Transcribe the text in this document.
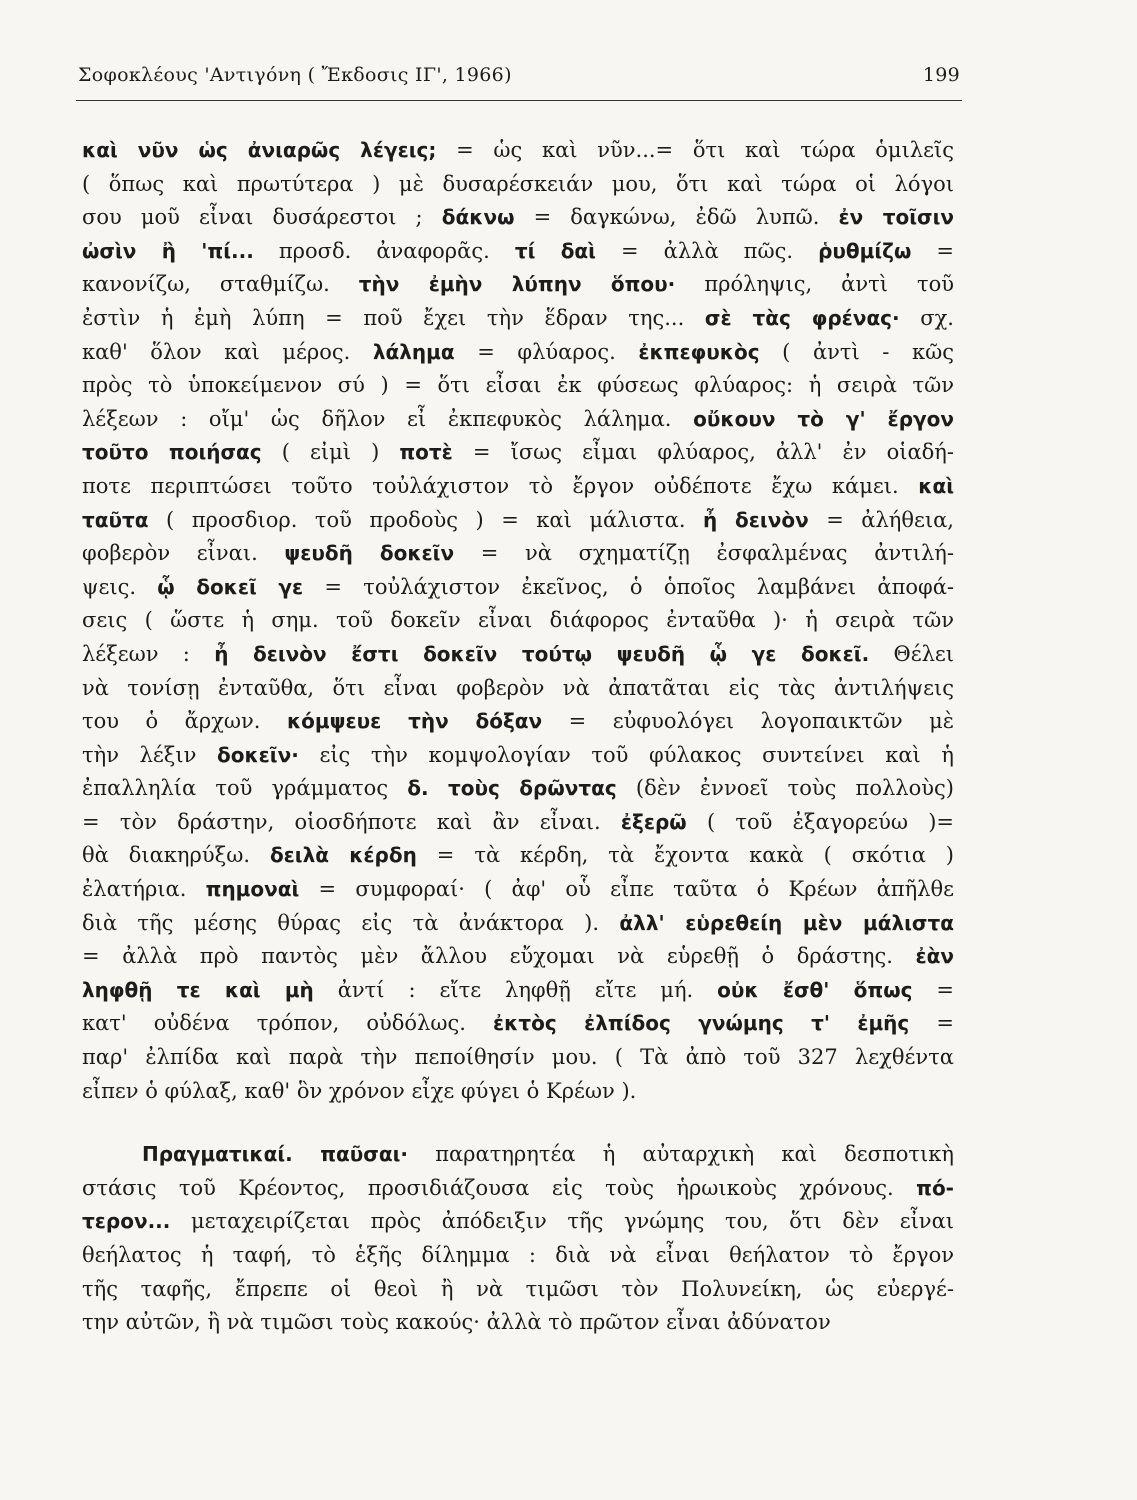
Σοφοκλέους 'Αντιγόνη ( Ἔκδοσις ΙΓ', 1966)	199
καὶ νῦν ὡς ἀνιαρῶς λέγεις; = ὡς καὶ νῦν...= ὅτι καὶ τώρα ὁμιλεῖς
( ὅπως καὶ πρωτύτερα ) μὲ δυσαρέσκειάν μου, ὅτι καὶ τώρα οἱ λόγοι
σου μοῦ εἶναι δυσάρεστοι ; δάκνω = δαγκώνω, ἐδῶ λυπῶ. ἐν τοῖσιν
ὠσὶν ἢ 'πί... προσδ. ἀναφορᾶς. τί δαὶ = ἀλλὰ πῶς. ῥυθμίζω =
κανονίζω, σταθμίζω. τὴν ἐμὴν λύπην ὅπου· πρόληψις, ἀντὶ τοῦ
ἐστὶν ἡ ἐμὴ λύπη = ποῦ ἔχει τὴν ἕδραν της... σὲ τὰς φρένας· σχ.
καθ' ὅλον καὶ μέρος. λάλημα = φλύαρος. ἐκπεφυκὸς ( ἀντὶ - κῶς
πρὸς τὸ ὑποκείμενον σύ ) = ὅτι εἶσαι ἐκ φύσεως φλύαρος: ἡ σειρὰ τῶν
λέξεων : οἴμ' ὡς δῆλον εἶ ἐκπεφυκὸς λάλημα. οὔκουν τὸ γ' ἔργον
τοῦτο ποιήσας ( εἰμὶ ) ποτὲ = ἴσως εἶμαι φλύαρος, ἀλλ' ἐν οἱαδή-
ποτε περιπτώσει τοῦτο τοὐλάχιστον τὸ ἔργον οὐδέποτε ἔχω κάμει. καὶ
ταῦτα ( προσδιορ. τοῦ προδοὺς ) = καὶ μάλιστα. ἦ δεινὸν = ἀλήθεια,
φοβερὸν εἶναι. ψευδῆ δοκεῖν = νὰ σχηματίζῃ ἐσφαλμένας ἀντιλή-
ψεις. ᾧ δοκεῖ γε = τοὐλάχιστον ἐκεῖνος, ὁ ὁποῖος λαμβάνει ἀποφά-
σεις ( ὥστε ἡ σημ. τοῦ δοκεῖν εἶναι διάφορος ἐνταῦθα )· ἡ σειρὰ τῶν
λέξεων : ἦ δεινὸν ἔστι δοκεῖν τούτῳ ψευδῆ ᾧ γε δοκεῖ. Θέλει
νὰ τονίσῃ ἐνταῦθα, ὅτι εἶναι φοβερὸν νὰ ἀπατᾶται εἰς τὰς ἀντιλήψεις
του ὁ ἄρχων. κόμψευε τὴν δόξαν = εὐφυολόγει λογοπαικτῶν μὲ
τὴν λέξιν δοκεῖν· εἰς τὴν κομψολογίαν τοῦ φύλακος συντείνει καὶ ἡ
ἐπαλληλία τοῦ γράμματος δ. τοὺς δρῶντας (δὲν ἐννοεῖ τοὺς πολλοὺς)
= τὸν δράστην, οἱοσδήποτε καὶ ἂν εἶναι. ἐξερῶ ( τοῦ ἐξαγορεύω )=
θὰ διακηρύξω. δειλὰ κέρδη = τὰ κέρδη, τὰ ἔχοντα κακὰ ( σκότια )
ἐλατήρια. πημοναὶ = συμφοραί· ( ἀφ' οὗ εἶπε ταῦτα ὁ Κρέων ἀπῆλθε
διὰ τῆς μέσης θύρας εἰς τὰ ἀνάκτορα ). ἀλλ' εὑρεθείη μὲν μάλιστα
= ἀλλὰ πρὸ παντὸς μὲν ἄλλου εὔχομαι νὰ εὑρεθῇ ὁ δράστης. ἐὰν
ληφθῇ τε καὶ μὴ ἀντί : εἴτε ληφθῇ εἴτε μή. οὐκ ἔσθ' ὅπως =
κατ' οὐδένα τρόπον, οὐδόλως. ἐκτὸς ἐλπίδος γνώμης τ' ἐμῆς =
παρ' ἐλπίδα καὶ παρὰ τὴν πεποίθησίν μου. ( Τὰ ἀπὸ τοῦ 327 λεχθέντα
εἶπεν ὁ φύλαξ, καθ' ὃν χρόνον εἶχε φύγει ὁ Κρέων ).
Πραγματικαί. παῦσαι· παρατηρητέα ἡ αὐταρχικὴ καὶ δεσποτικὴ
στάσις τοῦ Κρέοντος, προσιδιάζουσα εἰς τοὺς ἡρωικοὺς χρόνους. πό-
τερον... μεταχειρίζεται πρὸς ἀπόδειξιν τῆς γνώμης του, ὅτι δὲν εἶναι
θεήλατος ἡ ταφή, τὸ ἑξῆς δίλημμα : διὰ νὰ εἶναι θεήλατον τὸ ἔργον
τῆς ταφῆς, ἔπρεπε οἱ θεοὶ ἢ νὰ τιμῶσι τὸν Πολυνείκη, ὡς εὐεργέ-
την αὐτῶν, ἢ νὰ τιμῶσι τοὺς κακούς· ἀλλὰ τὸ πρῶτον εἶναι ἀδύνατον
